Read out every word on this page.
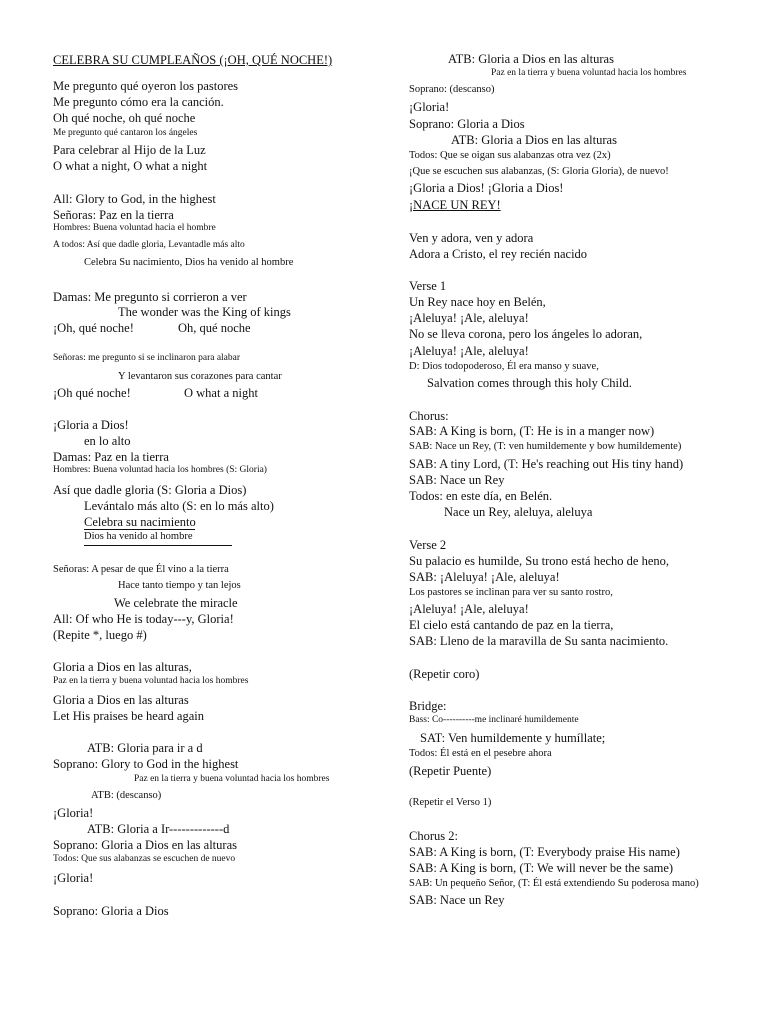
CELEBRA SU CUMPLEAÑOS (¡OH, QUÉ NOCHE!)
Me pregunto qué oyeron los pastores
Me pregunto cómo era la canción.
Oh qué noche, oh qué noche
Me pregunto qué cantaron los ángeles
Para celebrar al Hijo de la Luz
O what a night, O what a night
All: Glory to God, in the highest
Señoras: Paz en la tierra
Hombres: Buena voluntad hacia el hombre
A todos: Así que dadle gloria, Levantadle más alto
Celebra Su nacimiento, Dios ha venido al hombre
Damas: Me pregunto si corrieron a ver
The wonder was the King of kings
¡Oh, qué noche!	Oh, qué noche
Señoras: me pregunto si se inclinaron para alabar
Y levantaron sus corazones para cantar
¡Oh qué noche!	O what a night
¡Gloria a Dios!
en lo alto
Damas: Paz en la tierra
Hombres: Buena voluntad hacia los hombres (S: Gloria)
Así que dadle gloria (S: Gloria a Dios)
Levántalo más alto (S: en lo más alto)
Celebra su nacimiento
Dios ha venido al hombre
Señoras: A pesar de que Él vino a la tierra
Hace tanto tiempo y tan lejos
We celebrate the miracle
All: Of who He is today---y, Gloria!
(Repite *, luego #)
Gloria a Dios en las alturas,
Paz en la tierra y buena voluntad hacia los hombres
Gloria a Dios en las alturas
Let His praises be heard again
ATB: Gloria para ir a d
Soprano: Glory to God in the highest
Paz en la tierra y buena voluntad hacia los hombres
ATB: (descanso)
¡Gloria!
ATB: Gloria a Ir-------------d
Soprano: Gloria a Dios en las alturas
Todos: Que sus alabanzas se escuchen de nuevo
¡Gloria!
Soprano: Gloria a Dios
ATB: Gloria a Dios en las alturas
Paz en la tierra y buena voluntad hacia los hombres
Soprano: (descanso)
¡Gloria!
Soprano: Gloria a Dios
ATB: Gloria a Dios en las alturas
Todos: Que se oigan sus alabanzas otra vez (2x)
¡Que se escuchen sus alabanzas, (S: Gloria Gloria), de nuevo!
¡Gloria a Dios! ¡Gloria a Dios!
¡NACE UN REY!
Ven y adora, ven y adora
Adora a Cristo, el rey recién nacido
Verse 1
Un Rey nace hoy en Belén,
¡Aleluya! ¡Ale, aleluya!
No se lleva corona, pero los ángeles lo adoran,
¡Aleluya! ¡Ale, aleluya!
D: Dios todopoderoso, Él era manso y suave,
Salvation comes through this holy Child.
Chorus:
SAB: A King is born, (T: He is in a manger now)
SAB: Nace un Rey, (T: ven humildemente y bow humildemente)
SAB: A tiny Lord, (T: He's reaching out His tiny hand)
SAB: Nace un Rey
Todos: en este día, en Belén.
Nace un Rey, aleluya, aleluya
Verse 2
Su palacio es humilde, Su trono está hecho de heno,
SAB: ¡Aleluya! ¡Ale, aleluya!
Los pastores se inclinan para ver su santo rostro,
¡Aleluya! ¡Ale, aleluya!
El cielo está cantando de paz en la tierra,
SAB: Lleno de la maravilla de Su santa nacimiento.
(Repetir coro)
Bridge:
Bass: Co----------me inclinaré humildemente
SAT: Ven humildemente y humíllate;
Todos: Él está en el pesebre ahora
(Repetir Puente)
(Repetir el Verso 1)
Chorus 2:
SAB: A King is born, (T: Everybody praise His name)
SAB: A King is born, (T: We will never be the same)
SAB: Un pequeño Señor, (T: Él está extendiendo Su poderosa mano)
SAB: Nace un Rey
